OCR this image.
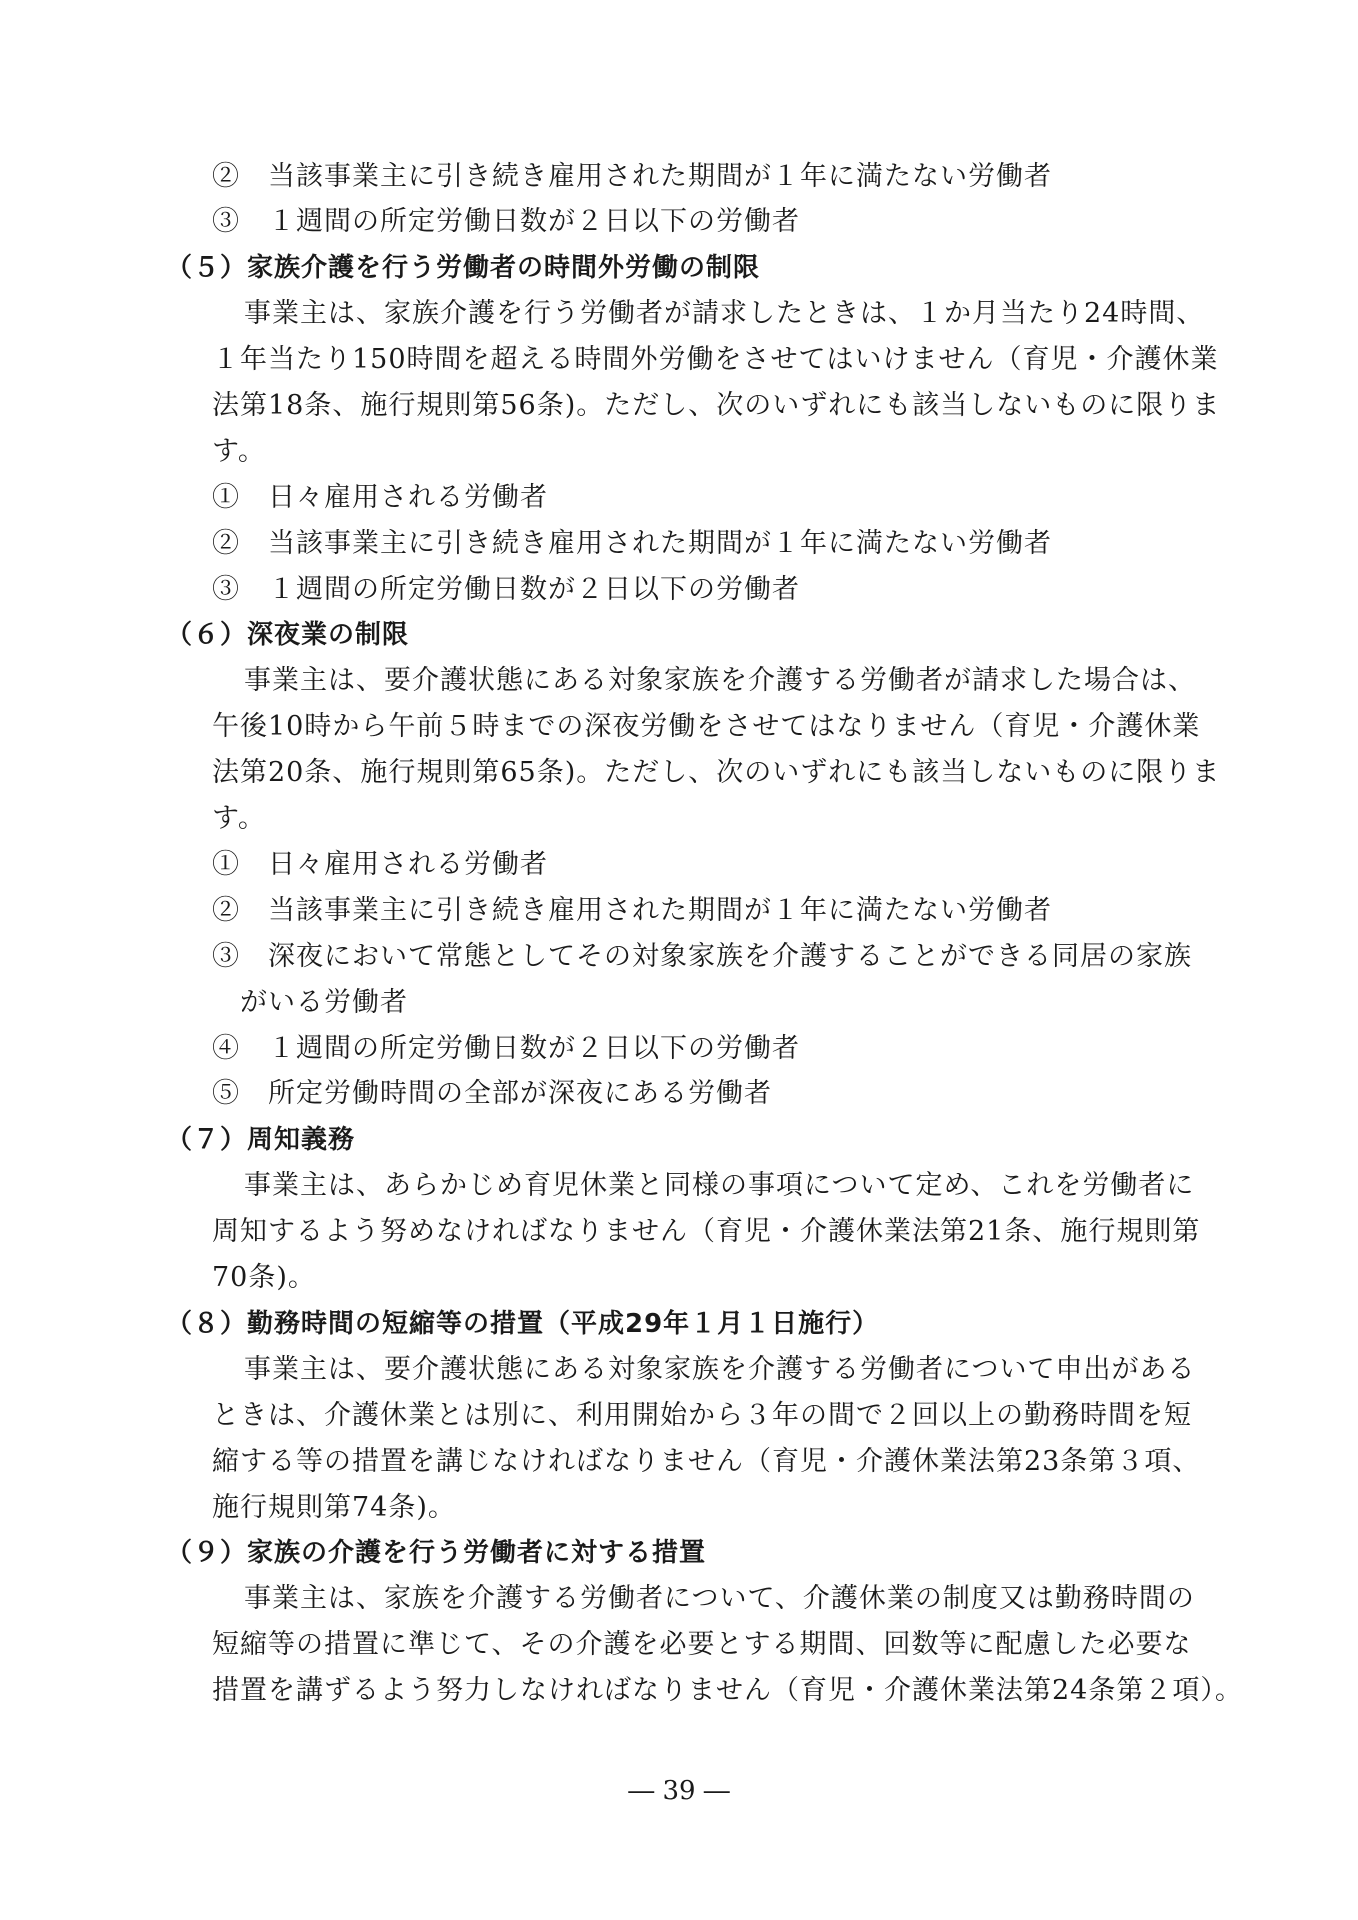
②　当該事業主に引き続き雇用された期間が１年に満たない労働者
③　１週間の所定労働日数が２日以下の労働者
（５）家族介護を行う労働者の時間外労働の制限
事業主は、家族介護を行う労働者が請求したときは、１か月当たり24時間、
１年当たり150時間を超える時間外労働をさせてはいけません（育児・介護休業
法第18条、施行規則第56条)。ただし、次のいずれにも該当しないものに限りま
す。
①　日々雇用される労働者
②　当該事業主に引き続き雇用された期間が１年に満たない労働者
③　１週間の所定労働日数が２日以下の労働者
（６）深夜業の制限
事業主は、要介護状態にある対象家族を介護する労働者が請求した場合は、
午後10時から午前５時までの深夜労働をさせてはなりません（育児・介護休業
法第20条、施行規則第65条)。ただし、次のいずれにも該当しないものに限りま
す。
①　日々雇用される労働者
②　当該事業主に引き続き雇用された期間が１年に満たない労働者
③　深夜において常態としてその対象家族を介護することができる同居の家族
がいる労働者
④　１週間の所定労働日数が２日以下の労働者
⑤　所定労働時間の全部が深夜にある労働者
（７）周知義務
事業主は、あらかじめ育児休業と同様の事項について定め、これを労働者に
周知するよう努めなければなりません（育児・介護休業法第21条、施行規則第
70条)。
（８）勤務時間の短縮等の措置（平成29年１月１日施行）
事業主は、要介護状態にある対象家族を介護する労働者について申出がある
ときは、介護休業とは別に、利用開始から３年の間で２回以上の勤務時間を短
縮する等の措置を講じなければなりません（育児・介護休業法第23条第３項、
施行規則第74条)。
（９）家族の介護を行う労働者に対する措置
事業主は、家族を介護する労働者について、介護休業の制度又は勤務時間の
短縮等の措置に準じて、その介護を必要とする期間、回数等に配慮した必要な
措置を講ずるよう努力しなければなりません（育児・介護休業法第24条第２項）。
― 39 ―
